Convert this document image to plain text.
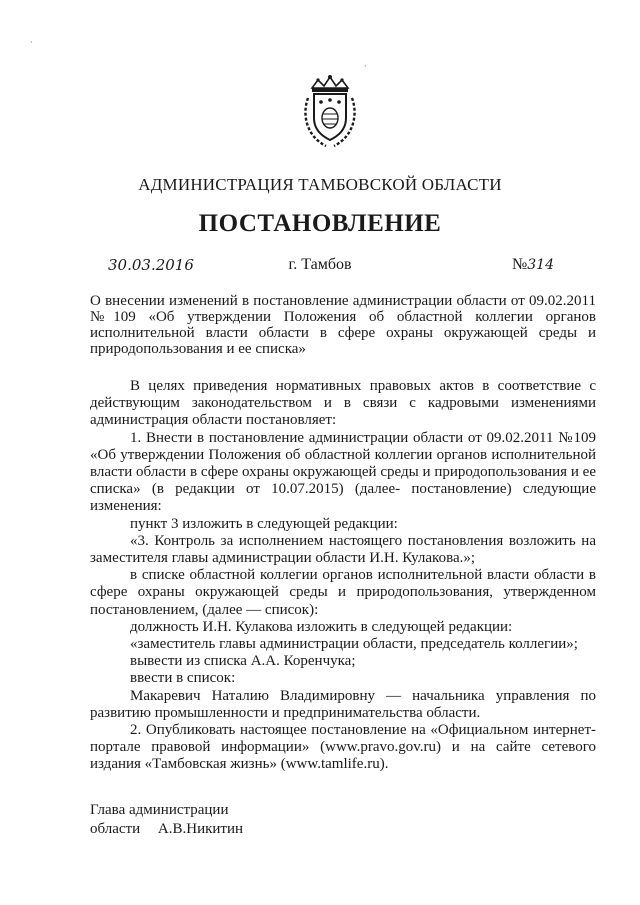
АДМИНИСТРАЦИЯ ТАМБОВСКОЙ ОБЛАСТИ
ПОСТАНОВЛЕНИЕ
30.03.2016	г. Тамбов	№314
О внесении изменений в постановление администрации области от 09.02.2011 №109 «Об утверждении Положения об областной коллегии органов исполнительной власти области в сфере охраны окружающей среды и природопользования и ее списка»

В целях приведения нормативных правовых актов в соответствие с действующим законодательством и в связи с кадровыми изменениями администрация области постановляет:

1. Внести в постановление администрации области от 09.02.2011 №109 «Об утверждении Положения об областной коллегии органов исполнительной власти области в сфере охраны окружающей среды и природопользования и ее списка» (в редакции от 10.07.2015) (далее- постановление) следующие изменения:

пункт 3 изложить в следующей редакции:

«3. Контроль за исполнением настоящего постановления возложить на заместителя главы администрации области И.Н. Кулакова.»;

в списке областной коллегии органов исполнительной власти области в сфере охраны окружающей среды и природопользования, утвержденном постановлением, (далее — список):

должность И.Н. Кулакова изложить в следующей редакции:

«заместитель главы администрации области, председатель коллегии»;

вывести из списка А.А. Коренчука;

ввести в список:

Макаревич Наталию Владимировну — начальника управления по развитию промышленности и предпринимательства области.

2. Опубликовать настоящее постановление на «Официальном интернет-портале правовой информации» (www.pravo.gov.ru) и на сайте сетевого издания «Тамбовская жизнь» (www.tamlife.ru).

Глава администрации
области А.В.Никитин
·
·
